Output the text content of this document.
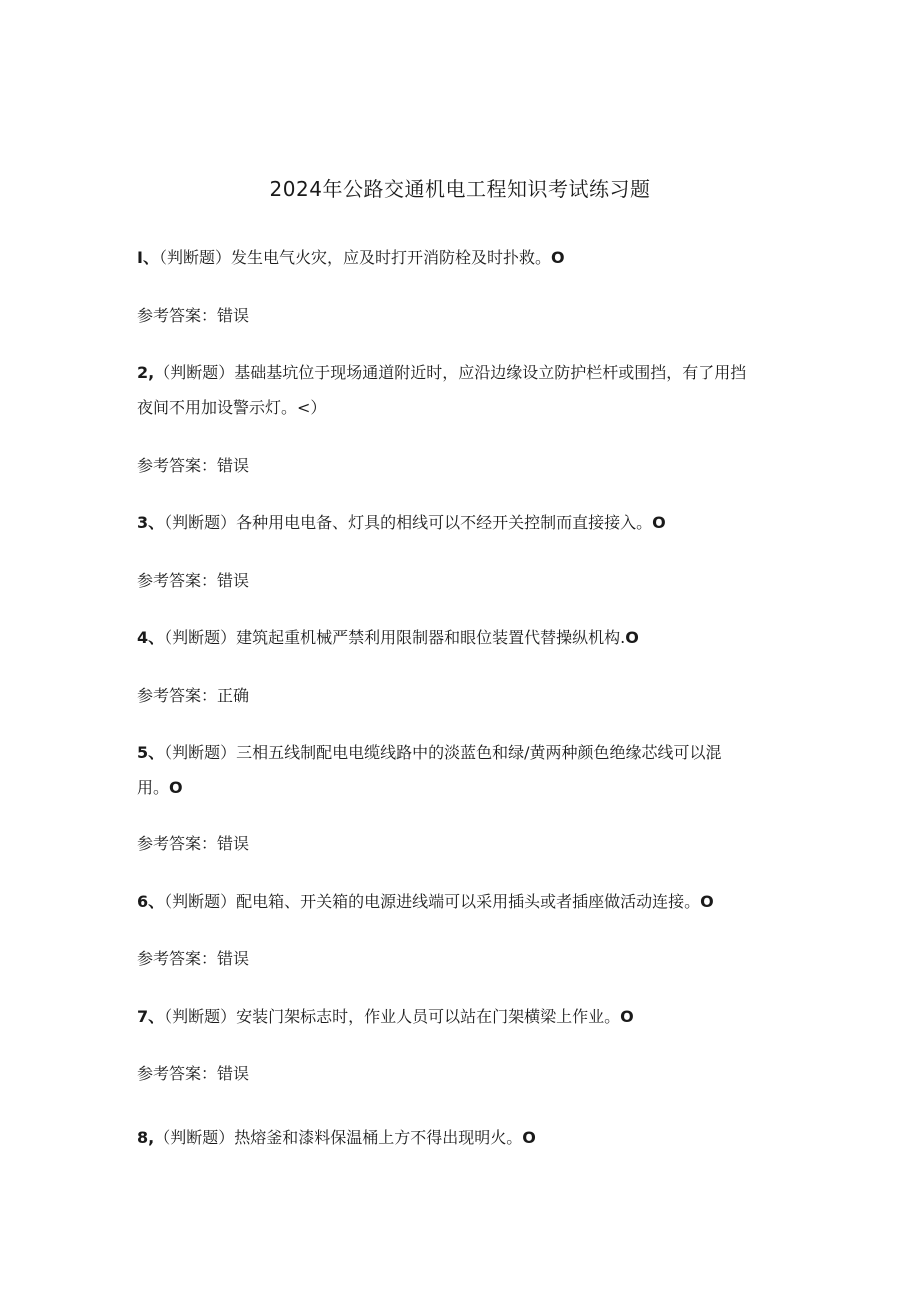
2024年公路交通机电工程知识考试练习题
I、（判断题）发生电气火灾，应及时打开消防栓及时扑救。O
参考答案：错误
2,（判断题）基础基坑位于现场通道附近时，应沿边缘设立防护栏杆或围挡，有了用挡
夜间不用加设警示灯。<）
参考答案：错误
3、（判断题）各种用电电备、灯具的相线可以不经开关控制而直接接入。O
参考答案：错误
4、（判断题）建筑起重机械严禁利用限制器和眼位装置代替操纵机构.O
参考答案：正确
5、（判断题）三相五线制配电电缆线路中的淡蓝色和绿/黄两种颜色绝缘芯线可以混
用。O
参考答案：错误
6、（判断题）配电箱、开关箱的电源进线端可以采用插头或者插座做活动连接。O
参考答案：错误
7、（判断题）安装门架标志时，作业人员可以站在门架横梁上作业。O
参考答案：错误
8,（判断题）热熔釜和漆料保温桶上方不得出现明火。O
